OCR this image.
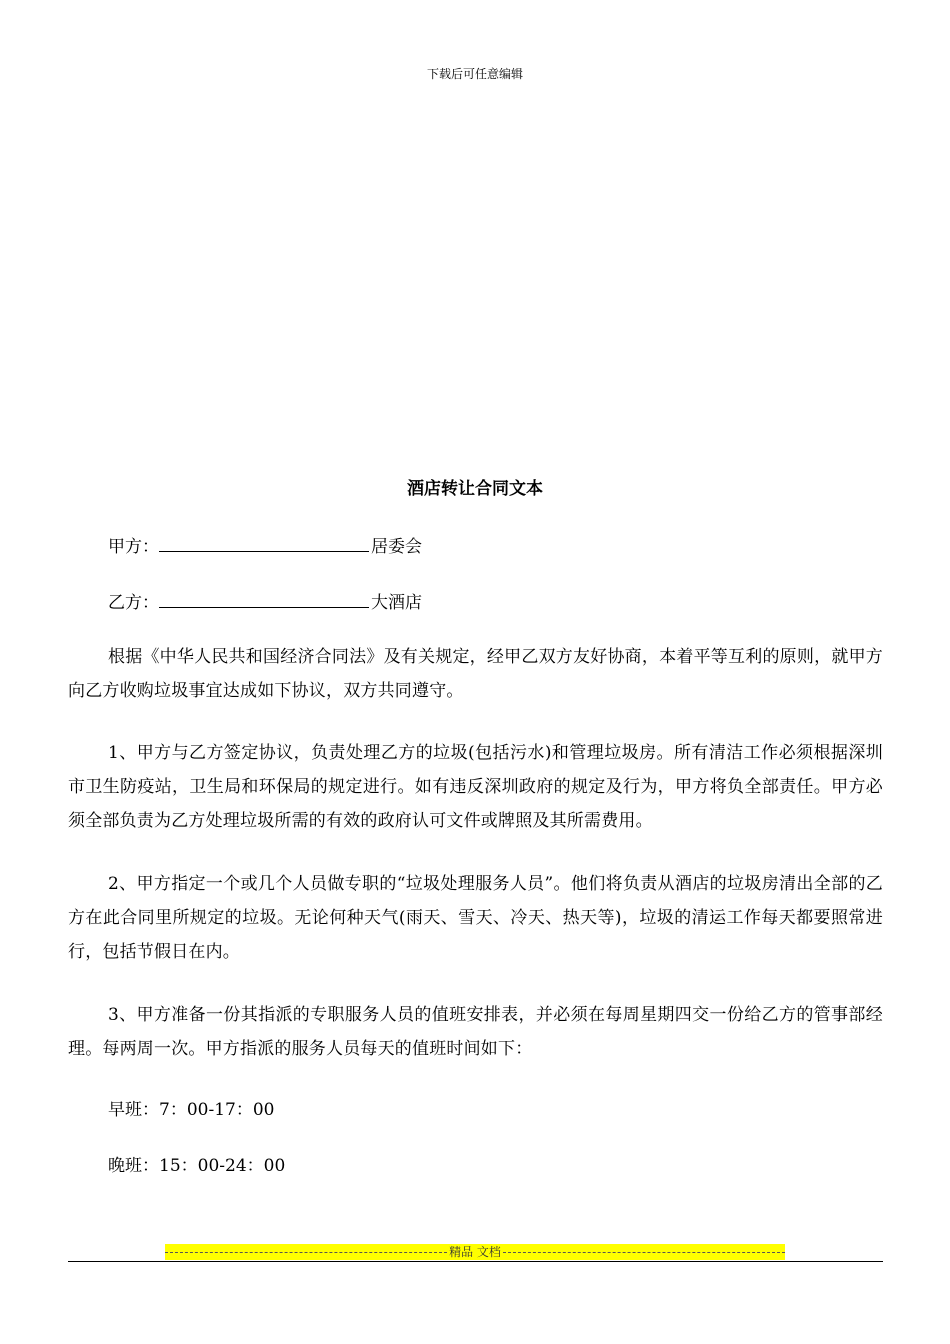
下载后可任意编辑
酒店转让合同文本
甲方：	居委会
乙方：	大酒店
根据《中华人民共和国经济合同法》及有关规定，经甲乙双方友好协商，本着平等互利的原则，就甲方向乙方收购垃圾事宜达成如下协议，双方共同遵守。
1、甲方与乙方签定协议，负责处理乙方的垃圾(包括污水)和管理垃圾房。所有清洁工作必须根据深圳市卫生防疫站，卫生局和环保局的规定进行。如有违反深圳政府的规定及行为，甲方将负全部责任。甲方必须全部负责为乙方处理垃圾所需的有效的政府认可文件或牌照及其所需费用。
2、甲方指定一个或几个人员做专职的“垃圾处理服务人员”。他们将负责从酒店的垃圾房清出全部的乙方在此合同里所规定的垃圾。无论何种天气(雨天、雪天、冷天、热天等)，垃圾的清运工作每天都要照常进行，包括节假日在内。
3、甲方准备一份其指派的专职服务人员的值班安排表，并必须在每周星期四交一份给乙方的管事部经理。每两周一次。甲方指派的服务人员每天的值班时间如下：
早班：7：00-17：00
晚班：15：00-24：00
精品 文档
